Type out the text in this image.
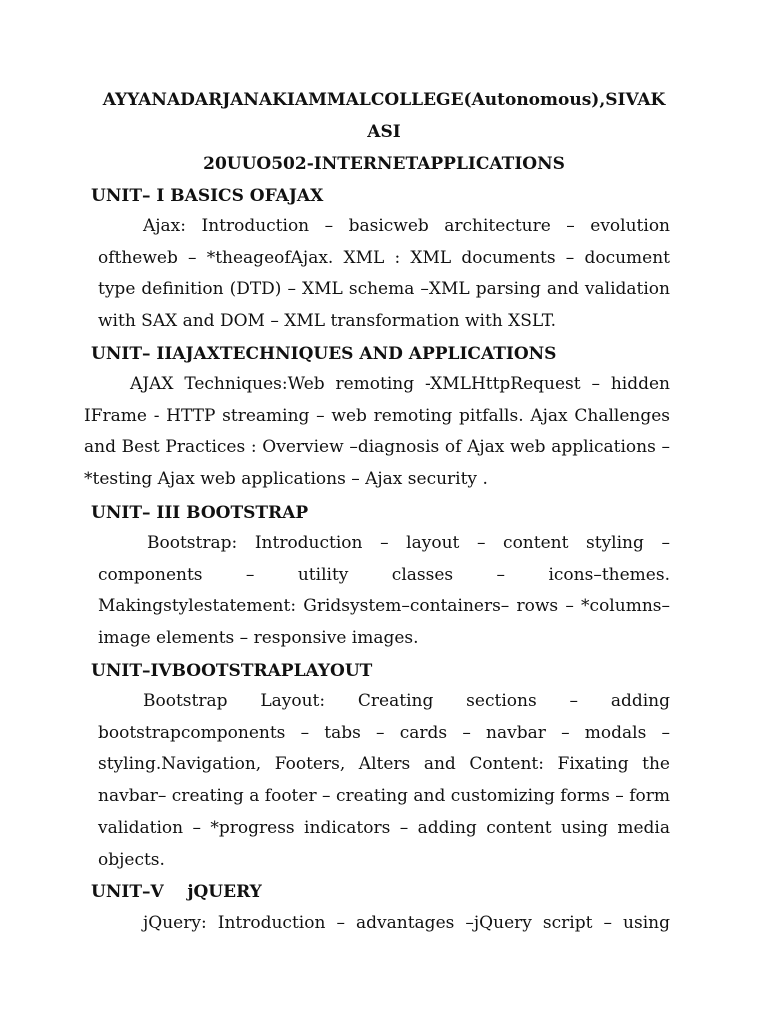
AYYANADARJANAKIAMMALCOLLEGE(Autonomous),SIVAK
ASI
20UUO502-INTERNETAPPLICATIONS
UNIT– I BASICS OFAJAX

Ajax: Introduction – basicweb architecture – evolution oftheweb – *theageofAjax. XML : XML documents – document type definition (DTD) – XML schema –XML parsing and validation with SAX and DOM – XML transformation with XSLT.

UNIT– IIAJAXTECHNIQUES AND APPLICATIONS

AJAX Techniques:Web remoting -XMLHttpRequest – hidden IFrame - HTTP streaming – web remoting pitfalls. Ajax Challenges and Best Practices : Overview –diagnosis of Ajax web applications – *testing Ajax web applications – Ajax security .

UNIT– III BOOTSTRAP

Bootstrap: Introduction – layout – content styling – components – utility classes – icons–themes. Makingstylestatement: Gridsystem–containers– rows – *columns–image elements – responsive images.

UNIT–IVBOOTSTRAPLAYOUT

Bootstrap Layout: Creating sections – adding bootstrapcomponents – tabs – cards – navbar – modals – styling.Navigation, Footers, Alters and Content: Fixating the navbar– creating a footer – creating and customizing forms – form validation – *progress indicators – adding content using media objects.

UNIT–V    jQUERY

jQuery: Introduction – advantages –jQuery script – using
